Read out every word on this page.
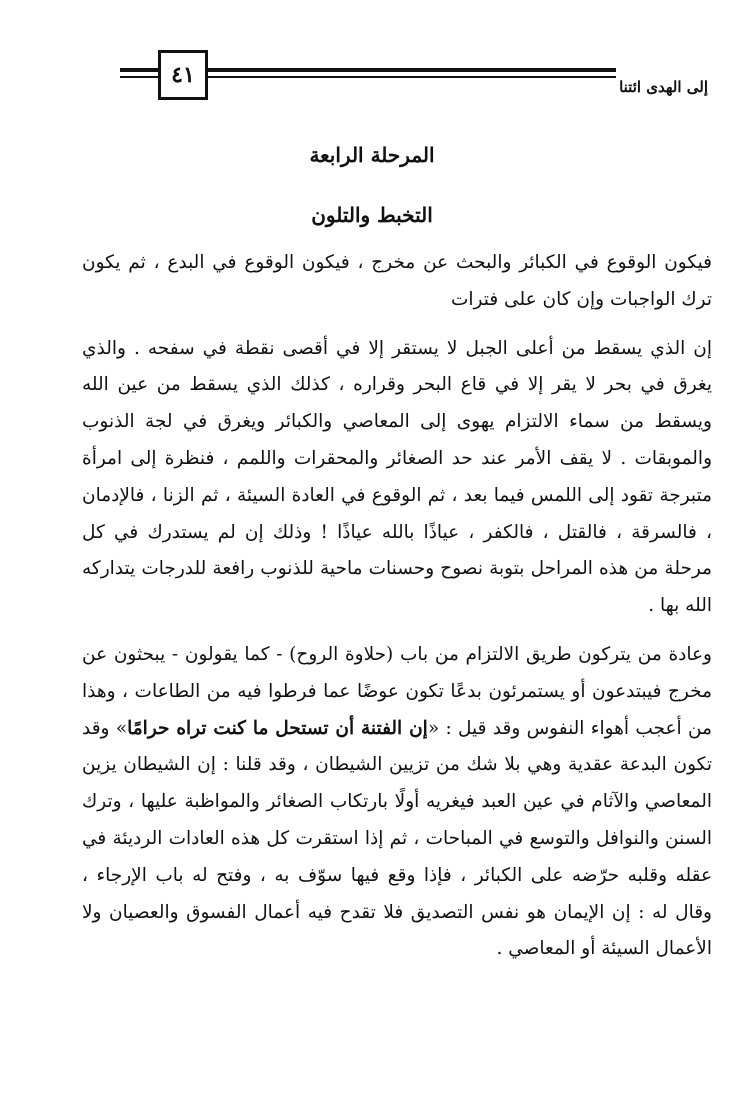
٤١	إلى الهدى ائتنا
المرحلة الرابعة
التخبط والتلون

فيكون الوقوع في الكبائر والبحث عن مخرج ، فيكون الوقوع في البدع ، ثم يكون ترك الواجبات وإن كان على فترات

إن الذي يسقط من أعلى الجبل لا يستقر إلا في أقصى نقطة في سفحه . والذي يغرق في بحر لا يقر إلا في قاع البحر وقراره ، كذلك الذي يسقط من عين الله ويسقط من سماء الالتزام يهوى إلى المعاصي والكبائر ويغرق في لجة الذنوب والموبقات . لا يقف الأمر عند حد الصغائر والمحقرات واللمم ، فنظرة إلى امرأة متبرجة تقود إلى اللمس فيما بعد ، ثم الوقوع في العادة السيئة ، ثم الزنا ، فالإدمان ، فالسرقة ، فالقتل ، فالكفر ، عياذًا بالله عياذًا ! وذلك إن لم يستدرك في كل مرحلة من هذه المراحل بتوبة نصوح وحسنات ماحية للذنوب رافعة للدرجات يتداركه الله بها .

وعادة من يتركون طريق الالتزام من باب (حلاوة الروح) - كما يقولون - يبحثون عن مخرج فيبتدعون أو يستمرئون بدعًا تكون عوضًا عما فرطوا فيه من الطاعات ، وهذا من أعجب أهواء النفوس وقد قيل : «إن الفتنة أن تستحل ما كنت تراه حرامًا» وقد تكون البدعة عقدية وهي بلا شك من تزيين الشيطان ، وقد قلنا : إن الشيطان يزين المعاصي والآثام في عين العبد فيغريه أولًا بارتكاب الصغائر والمواظبة عليها ، وترك السنن والنوافل والتوسع في المباحات ، ثم إذا استقرت كل هذه العادات الرديئة في عقله وقلبه حرّضه على الكبائر ، فإذا وقع فيها سوّف به ، وفتح له باب الإرجاء ، وقال له : إن الإيمان هو نفس التصديق فلا تقدح فيه أعمال الفسوق والعصيان ولا الأعمال السيئة أو المعاصي .
